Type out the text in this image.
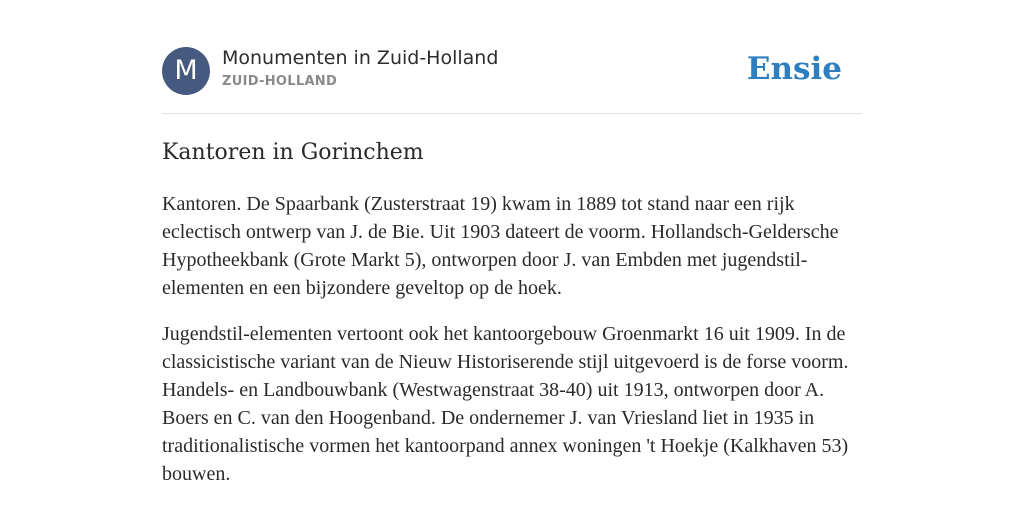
M	Monumenten in Zuid-Holland
ZUID-HOLLAND	Ensie
Kantoren in Gorinchem

Kantoren. De Spaarbank (Zusterstraat 19) kwam in 1889 tot stand naar een rijk eclectisch ontwerp van J. de Bie. Uit 1903 dateert de voorm. Hollandsch-Geldersche Hypotheekbank (Grote Markt 5), ontworpen door J. van Embden met jugendstil-elementen en een bijzondere geveltop op de hoek.

Jugendstil-elementen vertoont ook het kantoorgebouw Groenmarkt 16 uit 1909. In de classicistische variant van de Nieuw Historiserende stijl uitgevoerd is de forse voorm. Handels- en Landbouwbank (Westwagenstraat 38-40) uit 1913, ontworpen door A. Boers en C. van den Hoogenband. De ondernemer J. van Vriesland liet in 1935 in traditionalistische vormen het kantoorpand annex woningen 't Hoekje (Kalkhaven 53) bouwen.
